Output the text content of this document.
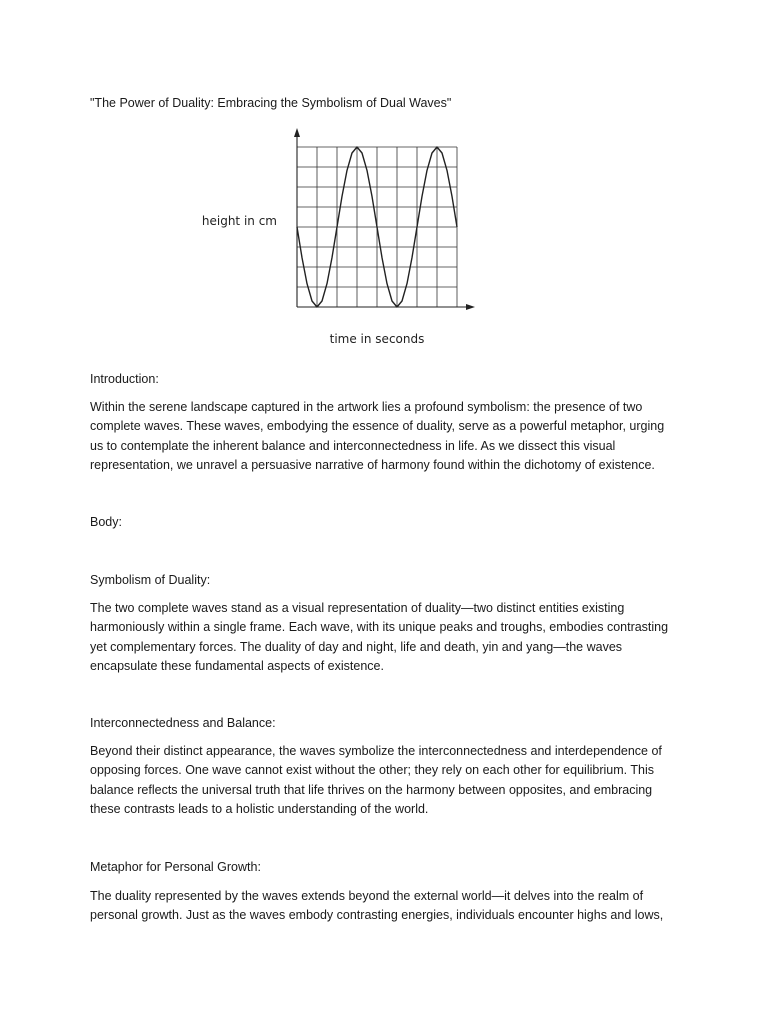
"The Power of Duality: Embracing the Symbolism of Dual Waves"

height in cm
time in seconds

Introduction:

Within the serene landscape captured in the artwork lies a profound symbolism: the presence of two
complete waves. These waves, embodying the essence of duality, serve as a powerful metaphor, urging
us to contemplate the inherent balance and interconnectedness in life. As we dissect this visual
representation, we unravel a persuasive narrative of harmony found within the dichotomy of existence.

Body:

Symbolism of Duality:

The two complete waves stand as a visual representation of duality—two distinct entities existing
harmoniously within a single frame. Each wave, with its unique peaks and troughs, embodies contrasting
yet complementary forces. The duality of day and night, life and death, yin and yang—the waves
encapsulate these fundamental aspects of existence.

Interconnectedness and Balance:

Beyond their distinct appearance, the waves symbolize the interconnectedness and interdependence of
opposing forces. One wave cannot exist without the other; they rely on each other for equilibrium. This
balance reflects the universal truth that life thrives on the harmony between opposites, and embracing
these contrasts leads to a holistic understanding of the world.

Metaphor for Personal Growth:

The duality represented by the waves extends beyond the external world—it delves into the realm of
personal growth. Just as the waves embody contrasting energies, individuals encounter highs and lows,
